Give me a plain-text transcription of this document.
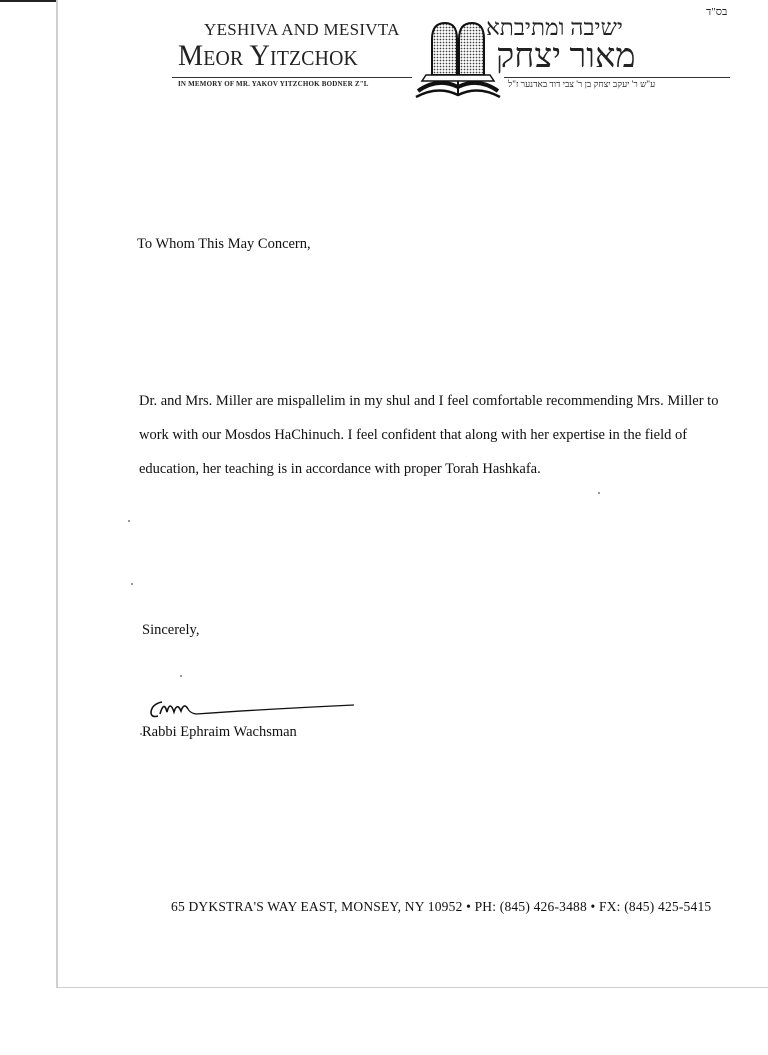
בס"ד
YESHIVA AND MESIVTA
Meor Yitzchok
ישיבה ומתיבתא
מאור יצחק
IN MEMORY OF MR. YAKOV YITZCHOK BODNER Z"L	ע"ש ר' יעקב יצחק בן ר' צבי דוד באדנער ז"ל
To Whom This May Concern,

Dr. and Mrs. Miller are mispallelim in my shul and I feel comfortable recommending Mrs. Miller to work with our Mosdos HaChinuch. I feel confident that along with her expertise in the field of education, her teaching is in accordance with proper Torah Hashkafa.

Sincerely,
Rabbi Ephraim Wachsman
65 DYKSTRA'S WAY EAST, MONSEY, NY 10952 • PH: (845) 426-3488 • FX: (845) 425-5415
